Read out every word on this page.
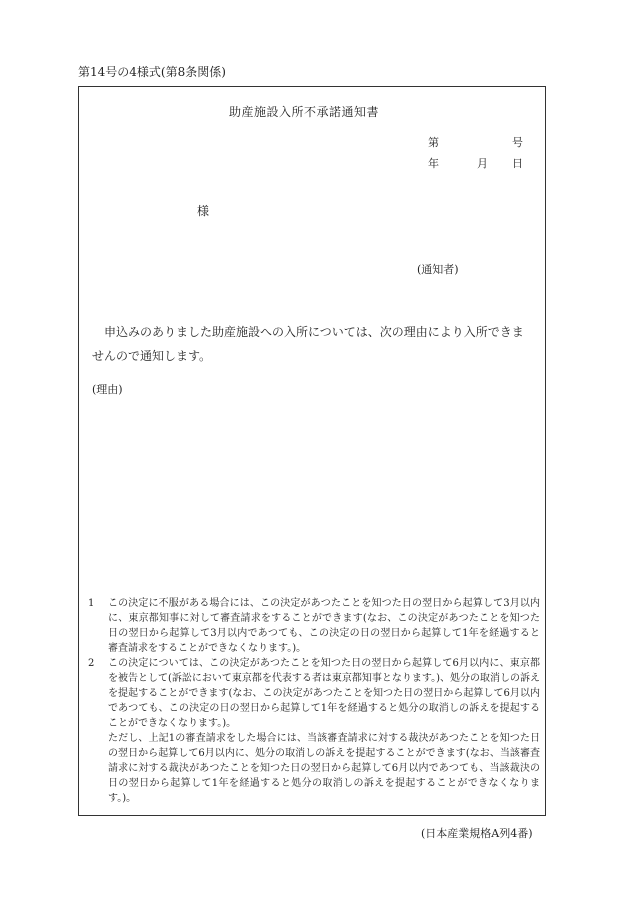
第14号の4様式(第8条関係)
助産施設入所不承諾通知書
第	号
年	月 日
様
(通知者)
申込みのありました助産施設への入所については、次の理由により入所できませんので通知します。
(理由)
1	この決定に不服がある場合には、この決定があつたことを知つた日の翌日から起算して3月以内に、東京都知事に対して審査請求をすることができます(なお、この決定があつたことを知つた日の翌日から起算して3月以内であつても、この決定の日の翌日から起算して1年を経過すると審査請求をすることができなくなります。)。
2	この決定については、この決定があつたことを知つた日の翌日から起算して6月以内に、東京都を被告として(訴訟において東京都を代表する者は東京都知事となります。)、処分の取消しの訴えを提起することができます(なお、この決定があつたことを知つた日の翌日から起算して6月以内であつても、この決定の日の翌日から起算して1年を経過すると処分の取消しの訴えを提起することができなくなります。)。
ただし、上記1の審査請求をした場合には、当該審査請求に対する裁決があつたことを知つた日の翌日から起算して6月以内に、処分の取消しの訴えを提起することができます(なお、当該審査請求に対する裁決があつたことを知つた日の翌日から起算して6月以内であつても、当該裁決の日の翌日から起算して1年を経過すると処分の取消しの訴えを提起することができなくなります。)。
(日本産業規格A列4番)
